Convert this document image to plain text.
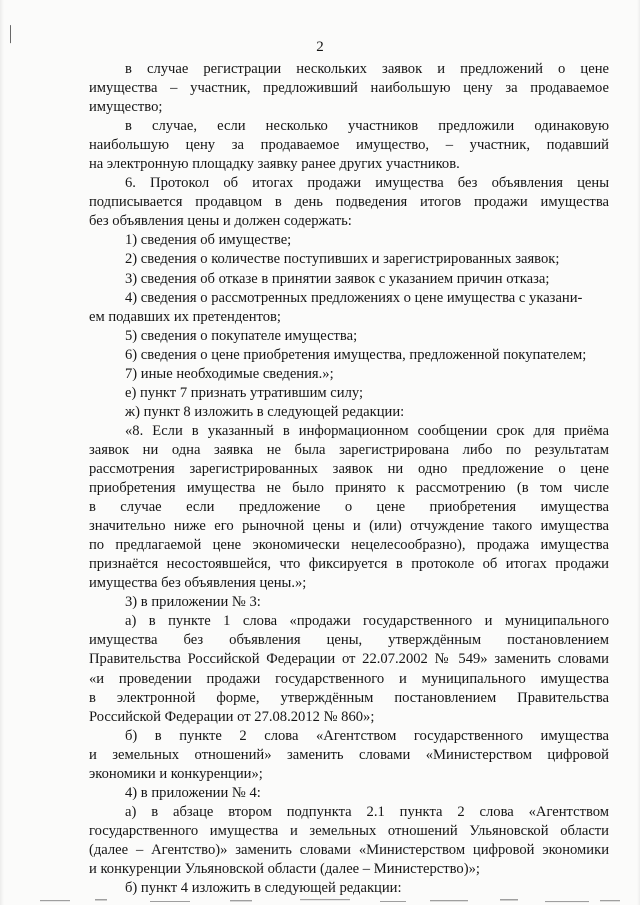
2
в случае регистрации нескольких заявок и предложений о цене
имущества – участник, предложивший наибольшую цену за продаваемое
имущество;
в случае, если несколько участников предложили одинаковую
наибольшую цену за продаваемое имущество, – участник, подавший
на электронную площадку заявку ранее других участников.
6. Протокол об итогах продажи имущества без объявления цены
подписывается продавцом в день подведения итогов продажи имущества
без объявления цены и должен содержать:
1) сведения об имуществе;
2) сведения о количестве поступивших и зарегистрированных заявок;
3) сведения об отказе в принятии заявок с указанием причин отказа;
4) сведения о рассмотренных предложениях о цене имущества с указани-
ем подавших их претендентов;
5) сведения о покупателе имущества;
6) сведения о цене приобретения имущества, предложенной покупателем;
7) иные необходимые сведения.»;
е) пункт 7 признать утратившим силу;
ж) пункт 8 изложить в следующей редакции:
«8. Если в указанный в информационном сообщении срок для приёма
заявок ни одна заявка не была зарегистрирована либо по результатам
рассмотрения зарегистрированных заявок ни одно предложение о цене
приобретения имущества не было принято к рассмотрению (в том числе
в случае если предложение о цене приобретения имущества
значительно ниже его рыночной цены и (или) отчуждение такого имущества
по предлагаемой цене экономически нецелесообразно), продажа имущества
признаётся несостоявшейся, что фиксируется в протоколе об итогах продажи
имущества без объявления цены.»;
3) в приложении № 3:
а) в пункте 1 слова «продажи государственного и муниципального
имущества без объявления цены, утверждённым постановлением
Правительства Российской Федерации от 22.07.2002 № 549» заменить словами
«и проведении продажи государственного и муниципального имущества
в электронной форме, утверждённым постановлением Правительства
Российской Федерации от 27.08.2012 № 860»;
б) в пункте 2 слова «Агентством государственного имущества
и земельных отношений» заменить словами «Министерством цифровой
экономики и конкуренции»;
4) в приложении № 4:
а) в абзаце втором подпункта 2.1 пункта 2 слова «Агентством
государственного имущества и земельных отношений Ульяновской области
(далее – Агентство)» заменить словами «Министерством цифровой экономики
и конкуренции Ульяновской области (далее – Министерство)»;
б) пункт 4 изложить в следующей редакции:
